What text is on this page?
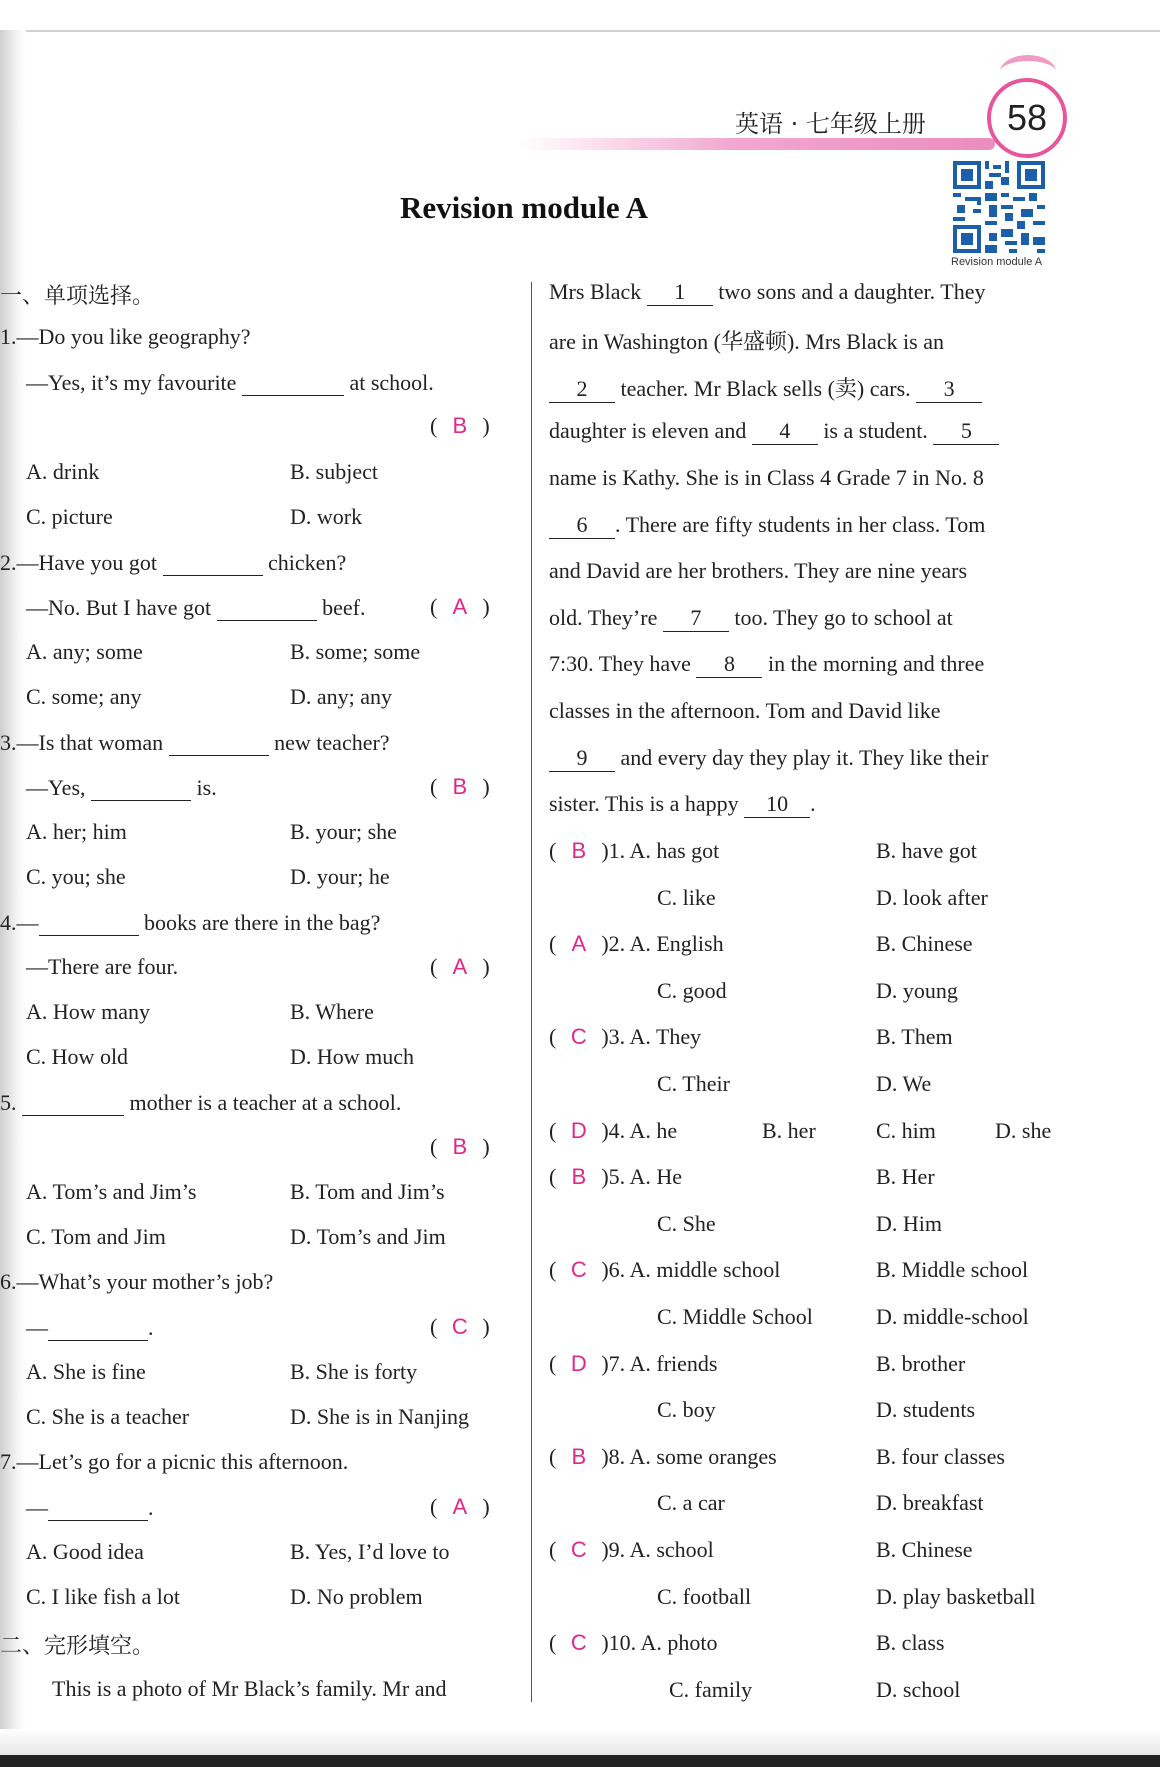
英语 · 七年级上册 58
Revision module A
Revision module A
一、单项选择。
1.—Do you like geography?
—Yes, it’s my favourite	at school.
( B )
A. drink	B. subject
C. picture	D. work
2.—Have you got	chicken?
—No. But I have got	beef.	( A )
A. any; some	B. some; some
C. some; any	D. any; any
3.—Is that woman	new teacher?
—Yes,	is.	( B )
A. her; him	B. your; she
C. you; she	D. your; he
4.—	books are there in the bag?
—There are four.	( A )
A. How many	B. Where
C. How old	D. How much
5.	mother is a teacher at a school.
( B )
A. Tom’s and Jim’s	B. Tom and Jim’s
C. Tom and Jim	D. Tom’s and Jim
6.—What’s your mother’s job?
—	.	( C )
A. She is fine	B. She is forty
C. She is a teacher	D. She is in Nanjing
7.—Let’s go for a picnic this afternoon.
—	.	( A )
A. Good idea	B. Yes, I’d love to
C. I like fish a lot	D. No problem
二、完形填空。
This is a photo of Mr Black’s family. Mr and
Mrs Black 1 two sons and a daughter. They
are in Washington (华盛顿). Mrs Black is an
2 teacher. Mr Black sells (卖) cars. 3
daughter is eleven and 4 is a student. 5
name is Kathy. She is in Class 4 Grade 7 in No. 8
6 . There are fifty students in her class. Tom
and David are her brothers. They are nine years
old. They’re 7 too. They go to school at
7:30. They have 8 in the morning and three
classes in the afternoon. Tom and David like
9 and every day they play it. They like their
sister. This is a happy 10 .
( B )1. A. has got	B. have got
C. like	D. look after
( A )2. A. English	B. Chinese
C. good	D. young
( C )3. A. They	B. Them
C. Their	D. We
( D )4. A. he	B. her	C. him	D. she
( B )5. A. He	B. Her
C. She	D. Him
( C )6. A. middle school	B. Middle school
C. Middle School	D. middle-school
( D )7. A. friends	B. brother
C. boy	D. students
( B )8. A. some oranges	B. four classes
C. a car	D. breakfast
( C )9. A. school	B. Chinese
C. football	D. play basketball
( C )10. A. photo	B. class
C. family	D. school
